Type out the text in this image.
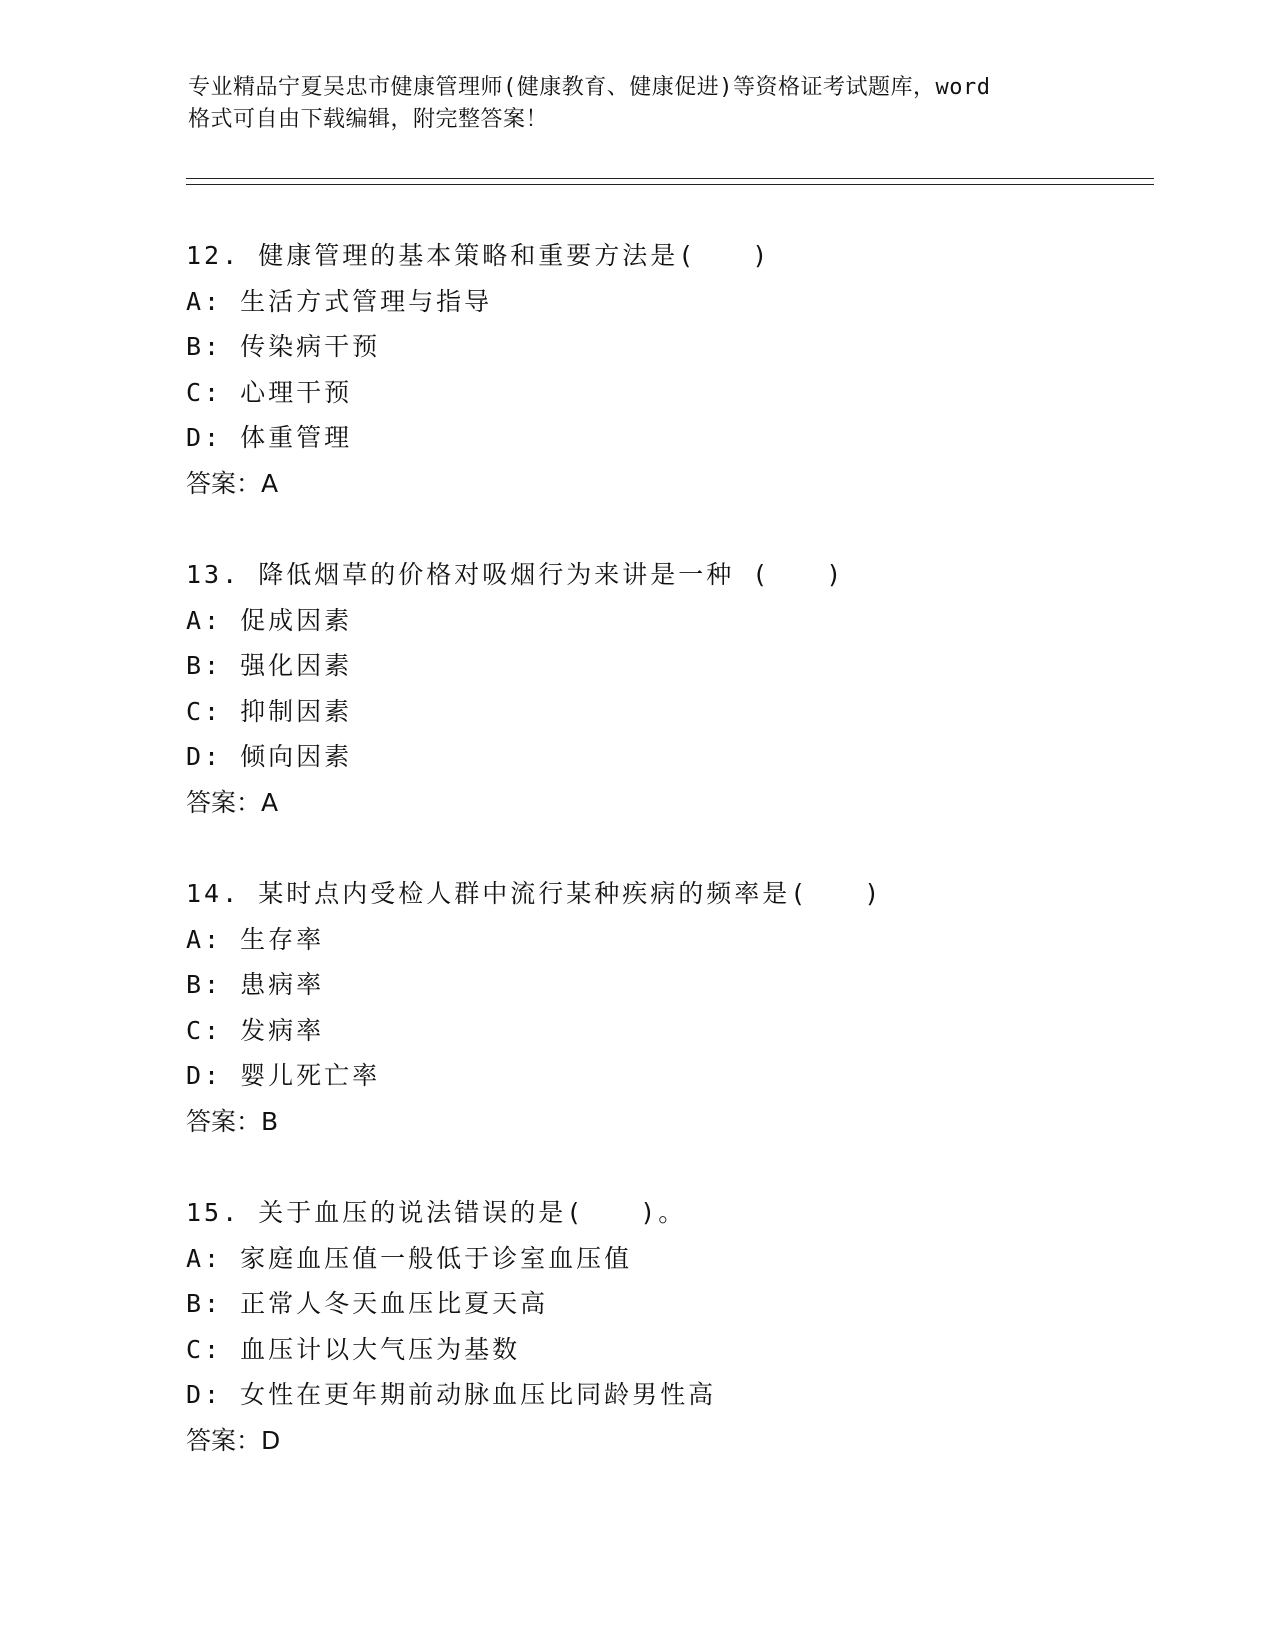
专业精品宁夏吴忠市健康管理师(健康教育、健康促进)等资格证考试题库，word
格式可自由下载编辑，附完整答案！
12. 健康管理的基本策略和重要方法是(　　)
A: 生活方式管理与指导
B: 传染病干预
C: 心理干预
D: 体重管理
答案：A
13. 降低烟草的价格对吸烟行为来讲是一种 (　　)
A: 促成因素
B: 强化因素
C: 抑制因素
D: 倾向因素
答案：A
14. 某时点内受检人群中流行某种疾病的频率是(　　)
A: 生存率
B: 患病率
C: 发病率
D: 婴儿死亡率
答案：B
15. 关于血压的说法错误的是(　　)。
A: 家庭血压值一般低于诊室血压值
B: 正常人冬天血压比夏天高
C: 血压计以大气压为基数
D: 女性在更年期前动脉血压比同龄男性高
答案：D
